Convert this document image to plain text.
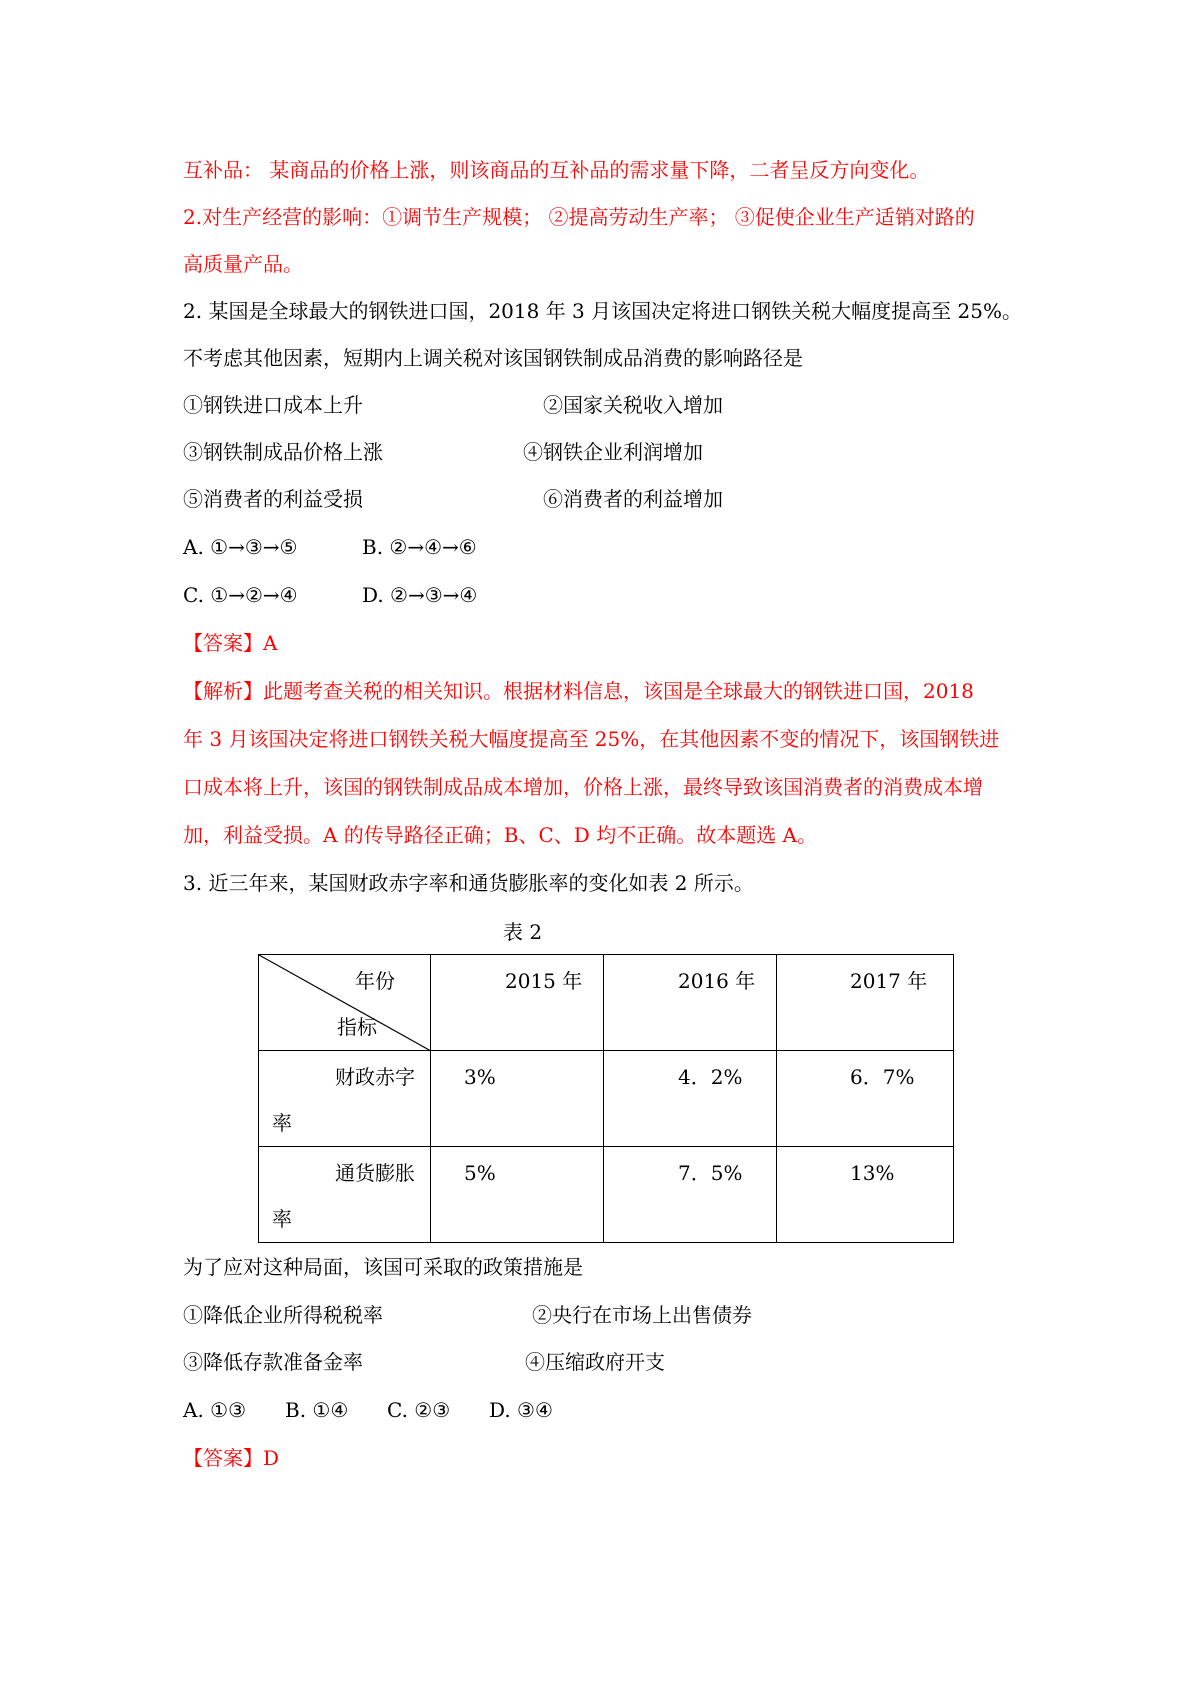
互补品： 某商品的价格上涨，则该商品的互补品的需求量下降，二者呈反方向变化。
2.对生产经营的影响：①调节生产规模； ②提高劳动生产率； ③促使企业生产适销对路的
高质量产品。
2. 某国是全球最大的钢铁进口国，2018 年 3 月该国决定将进口钢铁关税大幅度提高至 25%。
不考虑其他因素，短期内上调关税对该国钢铁制成品消费的影响路径是
①钢铁进口成本上升	②国家关税收入增加
③钢铁制成品价格上涨	④钢铁企业利润增加
⑤消费者的利益受损	⑥消费者的利益增加
A. ①→③→⑤	B. ②→④→⑥
C. ①→②→④	D. ②→③→④
【答案】A
【解析】此题考查关税的相关知识。根据材料信息，该国是全球最大的钢铁进口国，2018
年 3 月该国决定将进口钢铁关税大幅度提高至 25%，在其他因素不变的情况下，该国钢铁进
口成本将上升，该国的钢铁制成品成本增加，价格上涨，最终导致该国消费者的消费成本增
加，利益受损。A 的传导路径正确；B、C、D 均不正确。故本题选 A。
3. 近三年来，某国财政赤字率和通货膨胀率的变化如表 2 所示。
表 2
年份
指标	2015 年	2016 年	2017 年

财政赤字
率	3%	4．2%	6．7%

通货膨胀
率	5%	7．5%	13%
为了应对这种局面，该国可采取的政策措施是
①降低企业所得税税率	②央行在市场上出售债券
③降低存款准备金率	④压缩政府开支
A. ①③ B. ①④ C. ②③ D. ③④
【答案】D
